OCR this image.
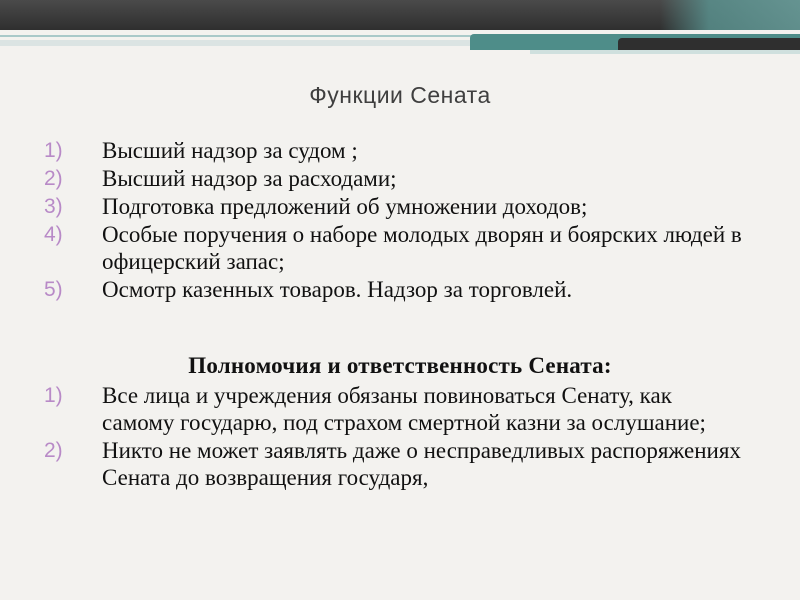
Функции Сената
1)	Высший надзор за судом ;
2)	Высший надзор за расходами;
3)	Подготовка предложений об умножении доходов;
4)	Особые поручения о наборе молодых дворян и боярских людей в офицерский запас;
5)	Осмотр казенных товаров. Надзор за торговлей.
Полномочия и ответственность Сената:
1)	Все лица и учреждения обязаны повиноваться Сенату, как самому государю, под страхом смертной казни за ослушание;
2)	Никто не может заявлять даже о несправедливых распоряжениях Сената до возвращения государя,
